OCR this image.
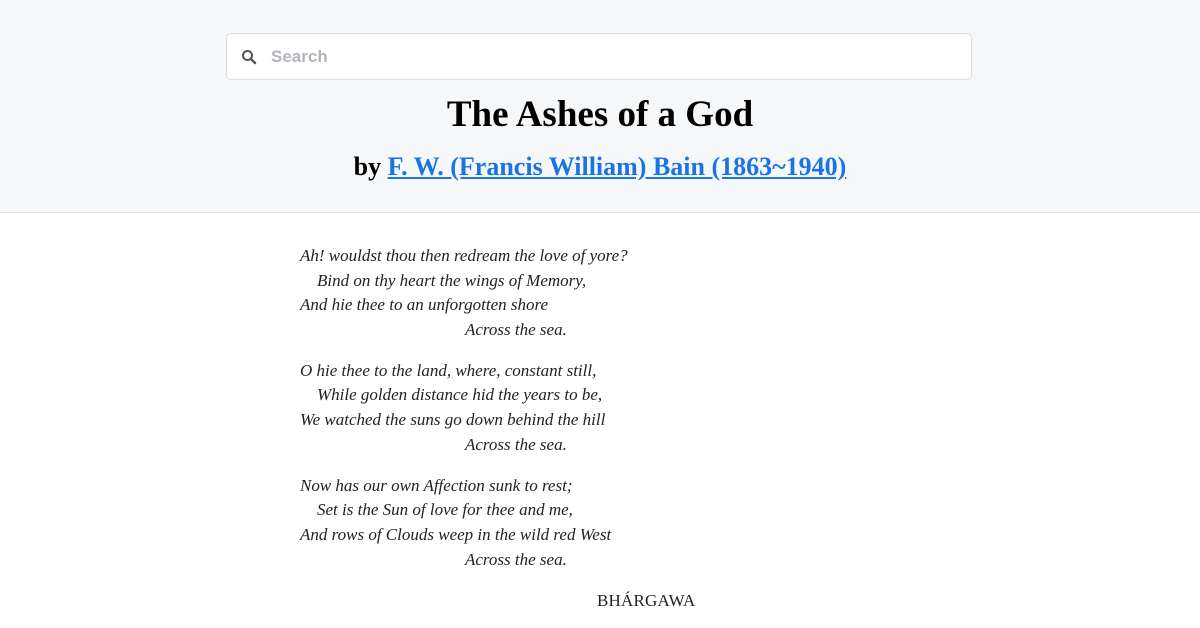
Search
The Ashes of a God
by F. W. (Francis William) Bain (1863~1940)
Ah! wouldst thou then redream the love of yore?
Bind on thy heart the wings of Memory,
And hie thee to an unforgotten shore
Across the sea.
O hie thee to the land, where, constant still,
While golden distance hid the years to be,
We watched the suns go down behind the hill
Across the sea.
Now has our own Affection sunk to rest;
Set is the Sun of love for thee and me,
And rows of Clouds weep in the wild red West
Across the sea.
BHÁRGAWA
